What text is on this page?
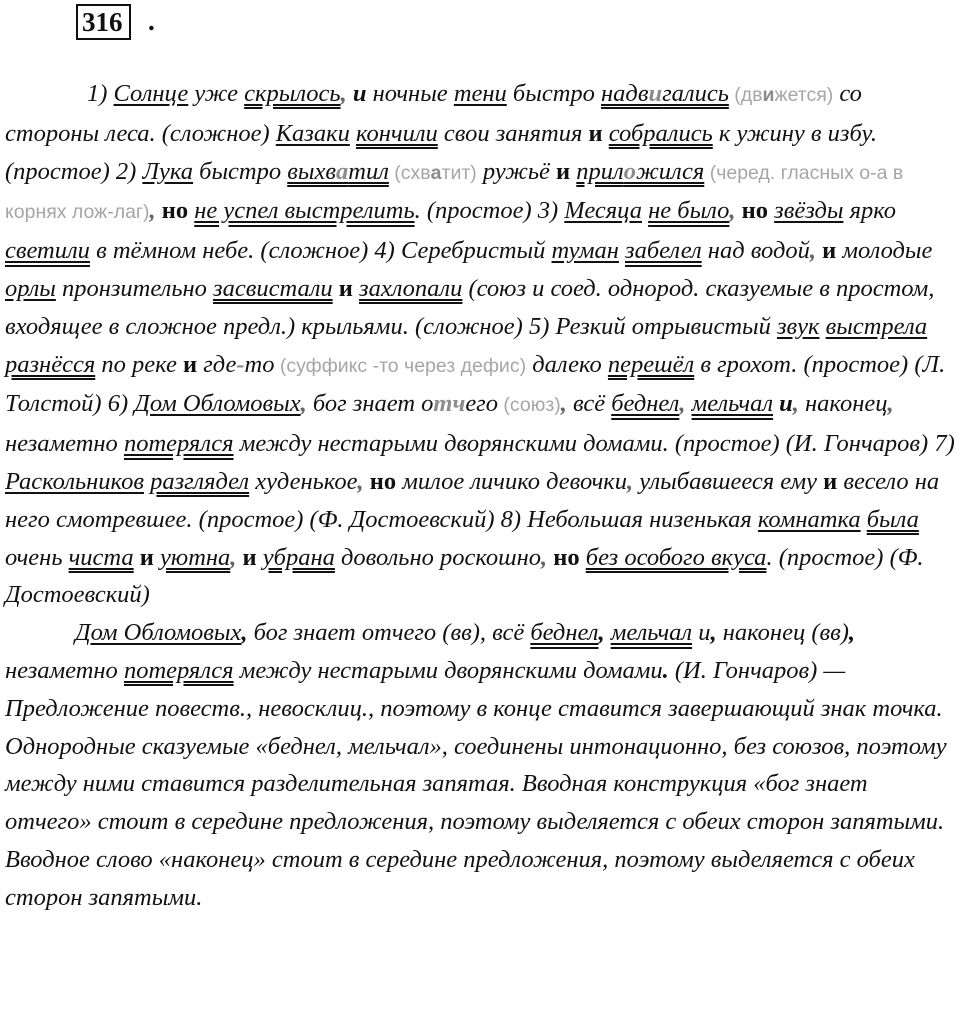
316 .

1) Солнце уже скрылось, и ночные тени быстро надвигались (движется) со стороны леса. (сложное) Казаки кончили свои занятия и собрались к ужину в избу. (простое) 2) Лука быстро выхватил (схватит) ружьё и приложился (черед. гласных о-а в корнях лож-лаг), но не успел выстрелить. (простое) 3) Месяца не было, но звёзды ярко светили в тёмном небе. (сложное) 4) Серебристый туман забелел над водой, и молодые орлы пронзительно засвистали и захлопали (союз и соед. однород. сказуемые в простом, входящее в сложное предл.) крыльями. (сложное) 5) Резкий отрывистый звук выстрела разнёсся по реке и где-то (суффикс -то через дефис) далеко перешёл в грохот. (простое) (Л. Толстой) 6) Дом Обломовых, бог знает отчего (союз), всё беднел, мельчал и, наконец, незаметно потерялся между нестарыми дворянскими домами. (простое) (И. Гончаров) 7) Раскольников разглядел худенькое, но милое личико девочки, улыбавшееся ему и весело на него смотревшее. (простое) (Ф. Достоевский) 8) Небольшая низенькая комнатка была очень чиста и уютна, и убрана довольно роскошно, но без особого вкуса. (простое) (Ф. Достоевский)

Дом Обломовых, бог знает отчего (вв), всё беднел, мельчал и, наконец (вв), незаметно потерялся между нестарыми дворянскими домами. (И. Гончаров) — Предложение повеств., невосклиц., поэтому в конце ставится завершающий знак точка. Однородные сказуемые «беднел, мельчал», соединены интонационно, без союзов, поэтому между ними ставится разделительная запятая. Вводная конструкция «бог знает отчего» стоит в середине предложения, поэтому выделяется с обеих сторон запятыми. Вводное слово «наконец» стоит в середине предложения, поэтому выделяется с обеих сторон запятыми.
